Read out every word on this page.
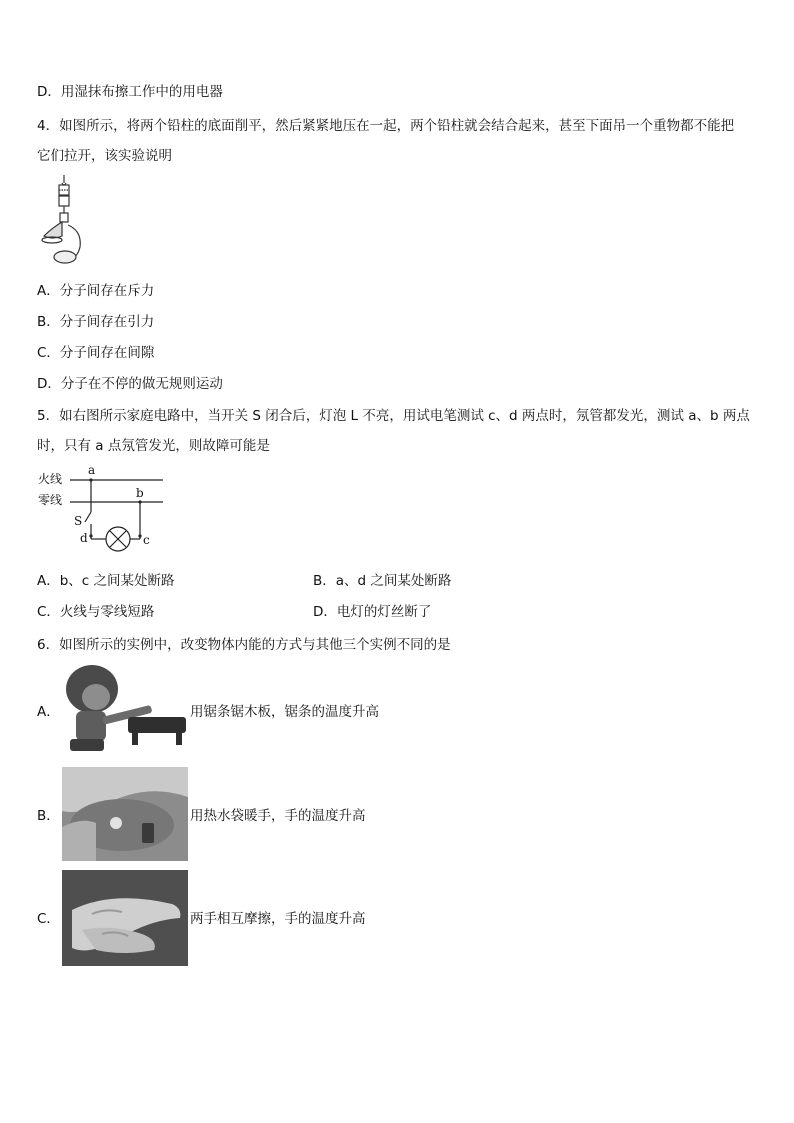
D．用湿抹布擦工作中的用电器
4．如图所示，将两个铅柱的底面削平，然后紧紧地压在一起，两个铅柱就会结合起来，甚至下面吊一个重物都不能把
它们拉开，该实验说明
A．分子间存在斥力
B．分子间存在引力
C．分子间存在间隙
D．分子在不停的做无规则运动
5．如右图所示家庭电路中，当开关 S 闭合后，灯泡 L 不亮，用试电笔测试 c、d 两点时，氖管都发光，测试 a、b 两点
时，只有 a 点氖管发光，则故障可能是
火线
零线
a
b
S
d	c
A．b、c 之间某处断路	B．a、d 之间某处断路
C．火线与零线短路	D．电灯的灯丝断了
6．如图所示的实例中，改变物体内能的方式与其他三个实例不同的是
A．	用锯条锯木板，锯条的温度升高
B．	用热水袋暖手，手的温度升高
C．	两手相互摩擦，手的温度升高
